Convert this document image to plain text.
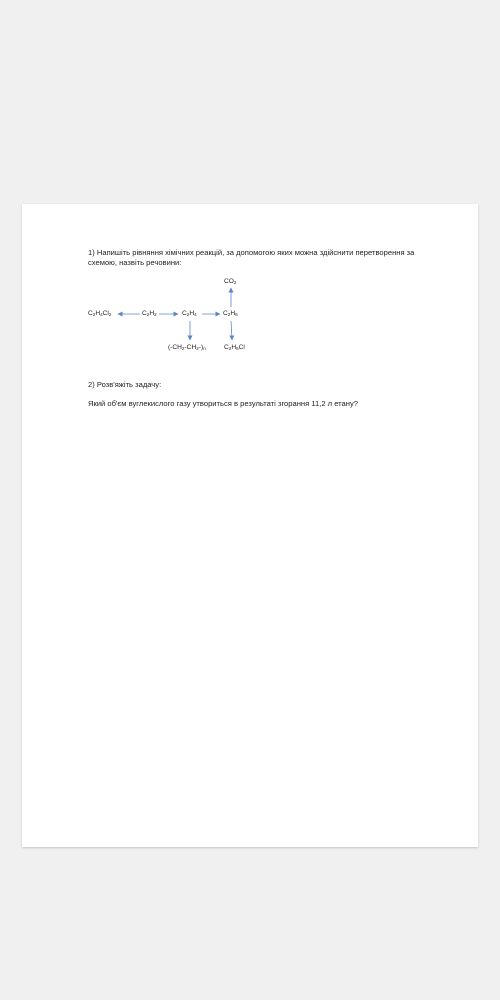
1) Напишіть рівняння хімічних реакцій, за допомогою яких можна здійснити перетворення за
схемою, назвіть речовини:
$CO_2$
$C_2H_4Cl_2$	$C_2H_2$	$C_2H_4$	$C_2H_6$
$(-CH_2-CH_2-)_n$	$C_2H_5Cl$
2) Розв'яжіть задачу:
Який об'єм вуглекислого газу утвориться в результаті згорання 11,2 л етану?
